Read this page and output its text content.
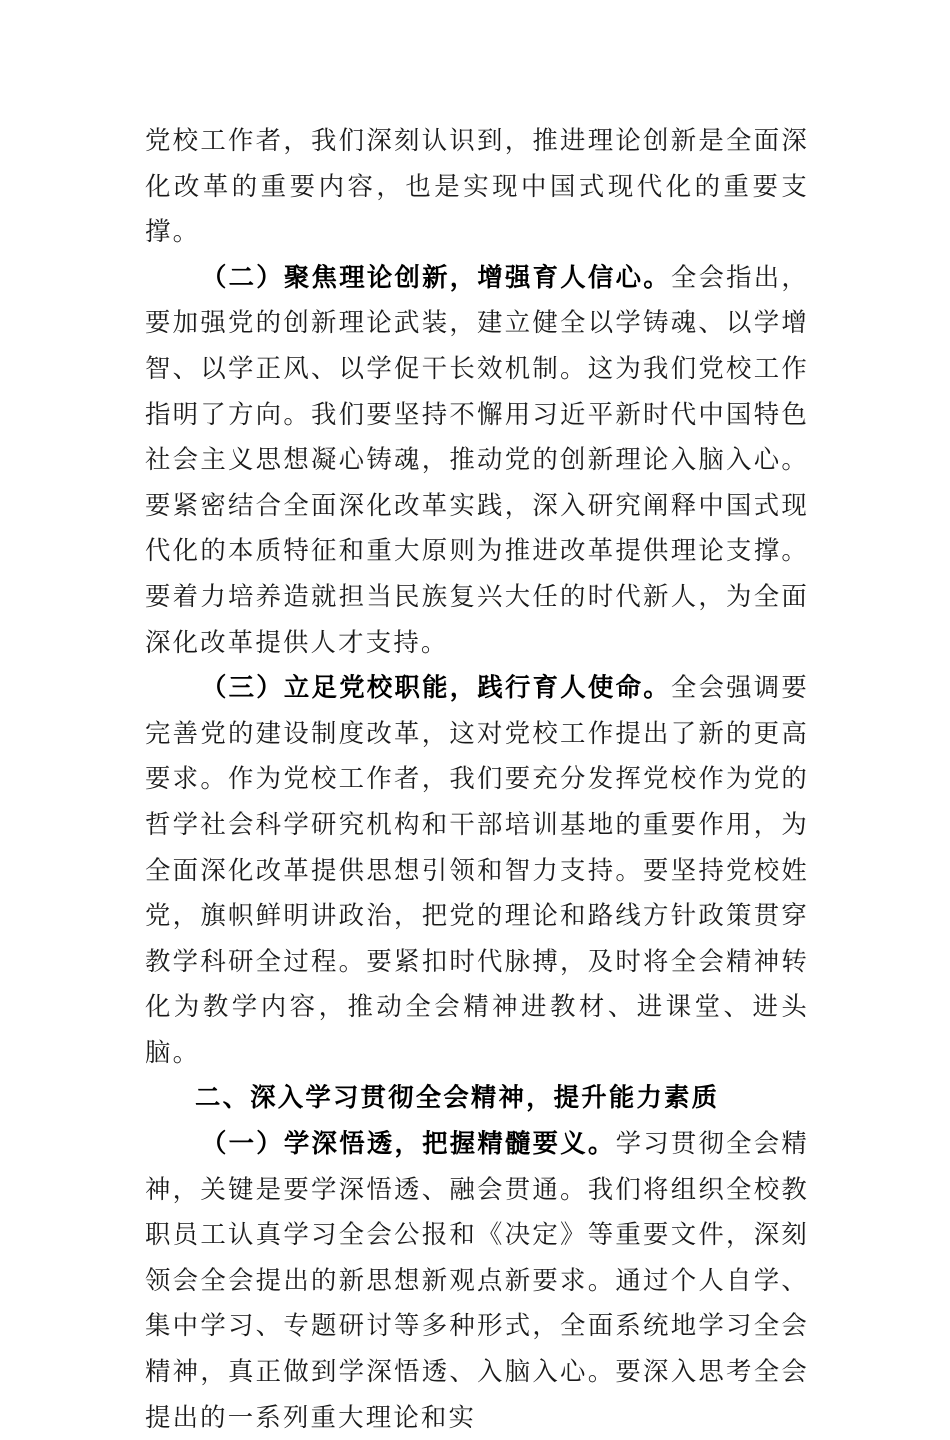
党校工作者，我们深刻认识到，推进理论创新是全面深化改革的重要内容，也是实现中国式现代化的重要支撑。

（二）聚焦理论创新，增强育人信心。全会指出，要加强党的创新理论武装，建立健全以学铸魂、以学增智、以学正风、以学促干长效机制。这为我们党校工作指明了方向。我们要坚持不懈用习近平新时代中国特色社会主义思想凝心铸魂，推动党的创新理论入脑入心。要紧密结合全面深化改革实践，深入研究阐释中国式现代化的本质特征和重大原则为推进改革提供理论支撑。要着力培养造就担当民族复兴大任的时代新人，为全面深化改革提供人才支持。

（三）立足党校职能，践行育人使命。全会强调要完善党的建设制度改革，这对党校工作提出了新的更高要求。作为党校工作者，我们要充分发挥党校作为党的哲学社会科学研究机构和干部培训基地的重要作用，为全面深化改革提供思想引领和智力支持。要坚持党校姓党，旗帜鲜明讲政治，把党的理论和路线方针政策贯穿教学科研全过程。要紧扣时代脉搏，及时将全会精神转化为教学内容，推动全会精神进教材、进课堂、进头脑。

二、深入学习贯彻全会精神，提升能力素质

（一）学深悟透，把握精髓要义。学习贯彻全会精神，关键是要学深悟透、融会贯通。我们将组织全校教职员工认真学习全会公报和《决定》等重要文件，深刻领会全会提出的新思想新观点新要求。通过个人自学、集中学习、专题研讨等多种形式，全面系统地学习全会精神，真正做到学深悟透、入脑入心。要深入思考全会提出的一系列重大理论和实
